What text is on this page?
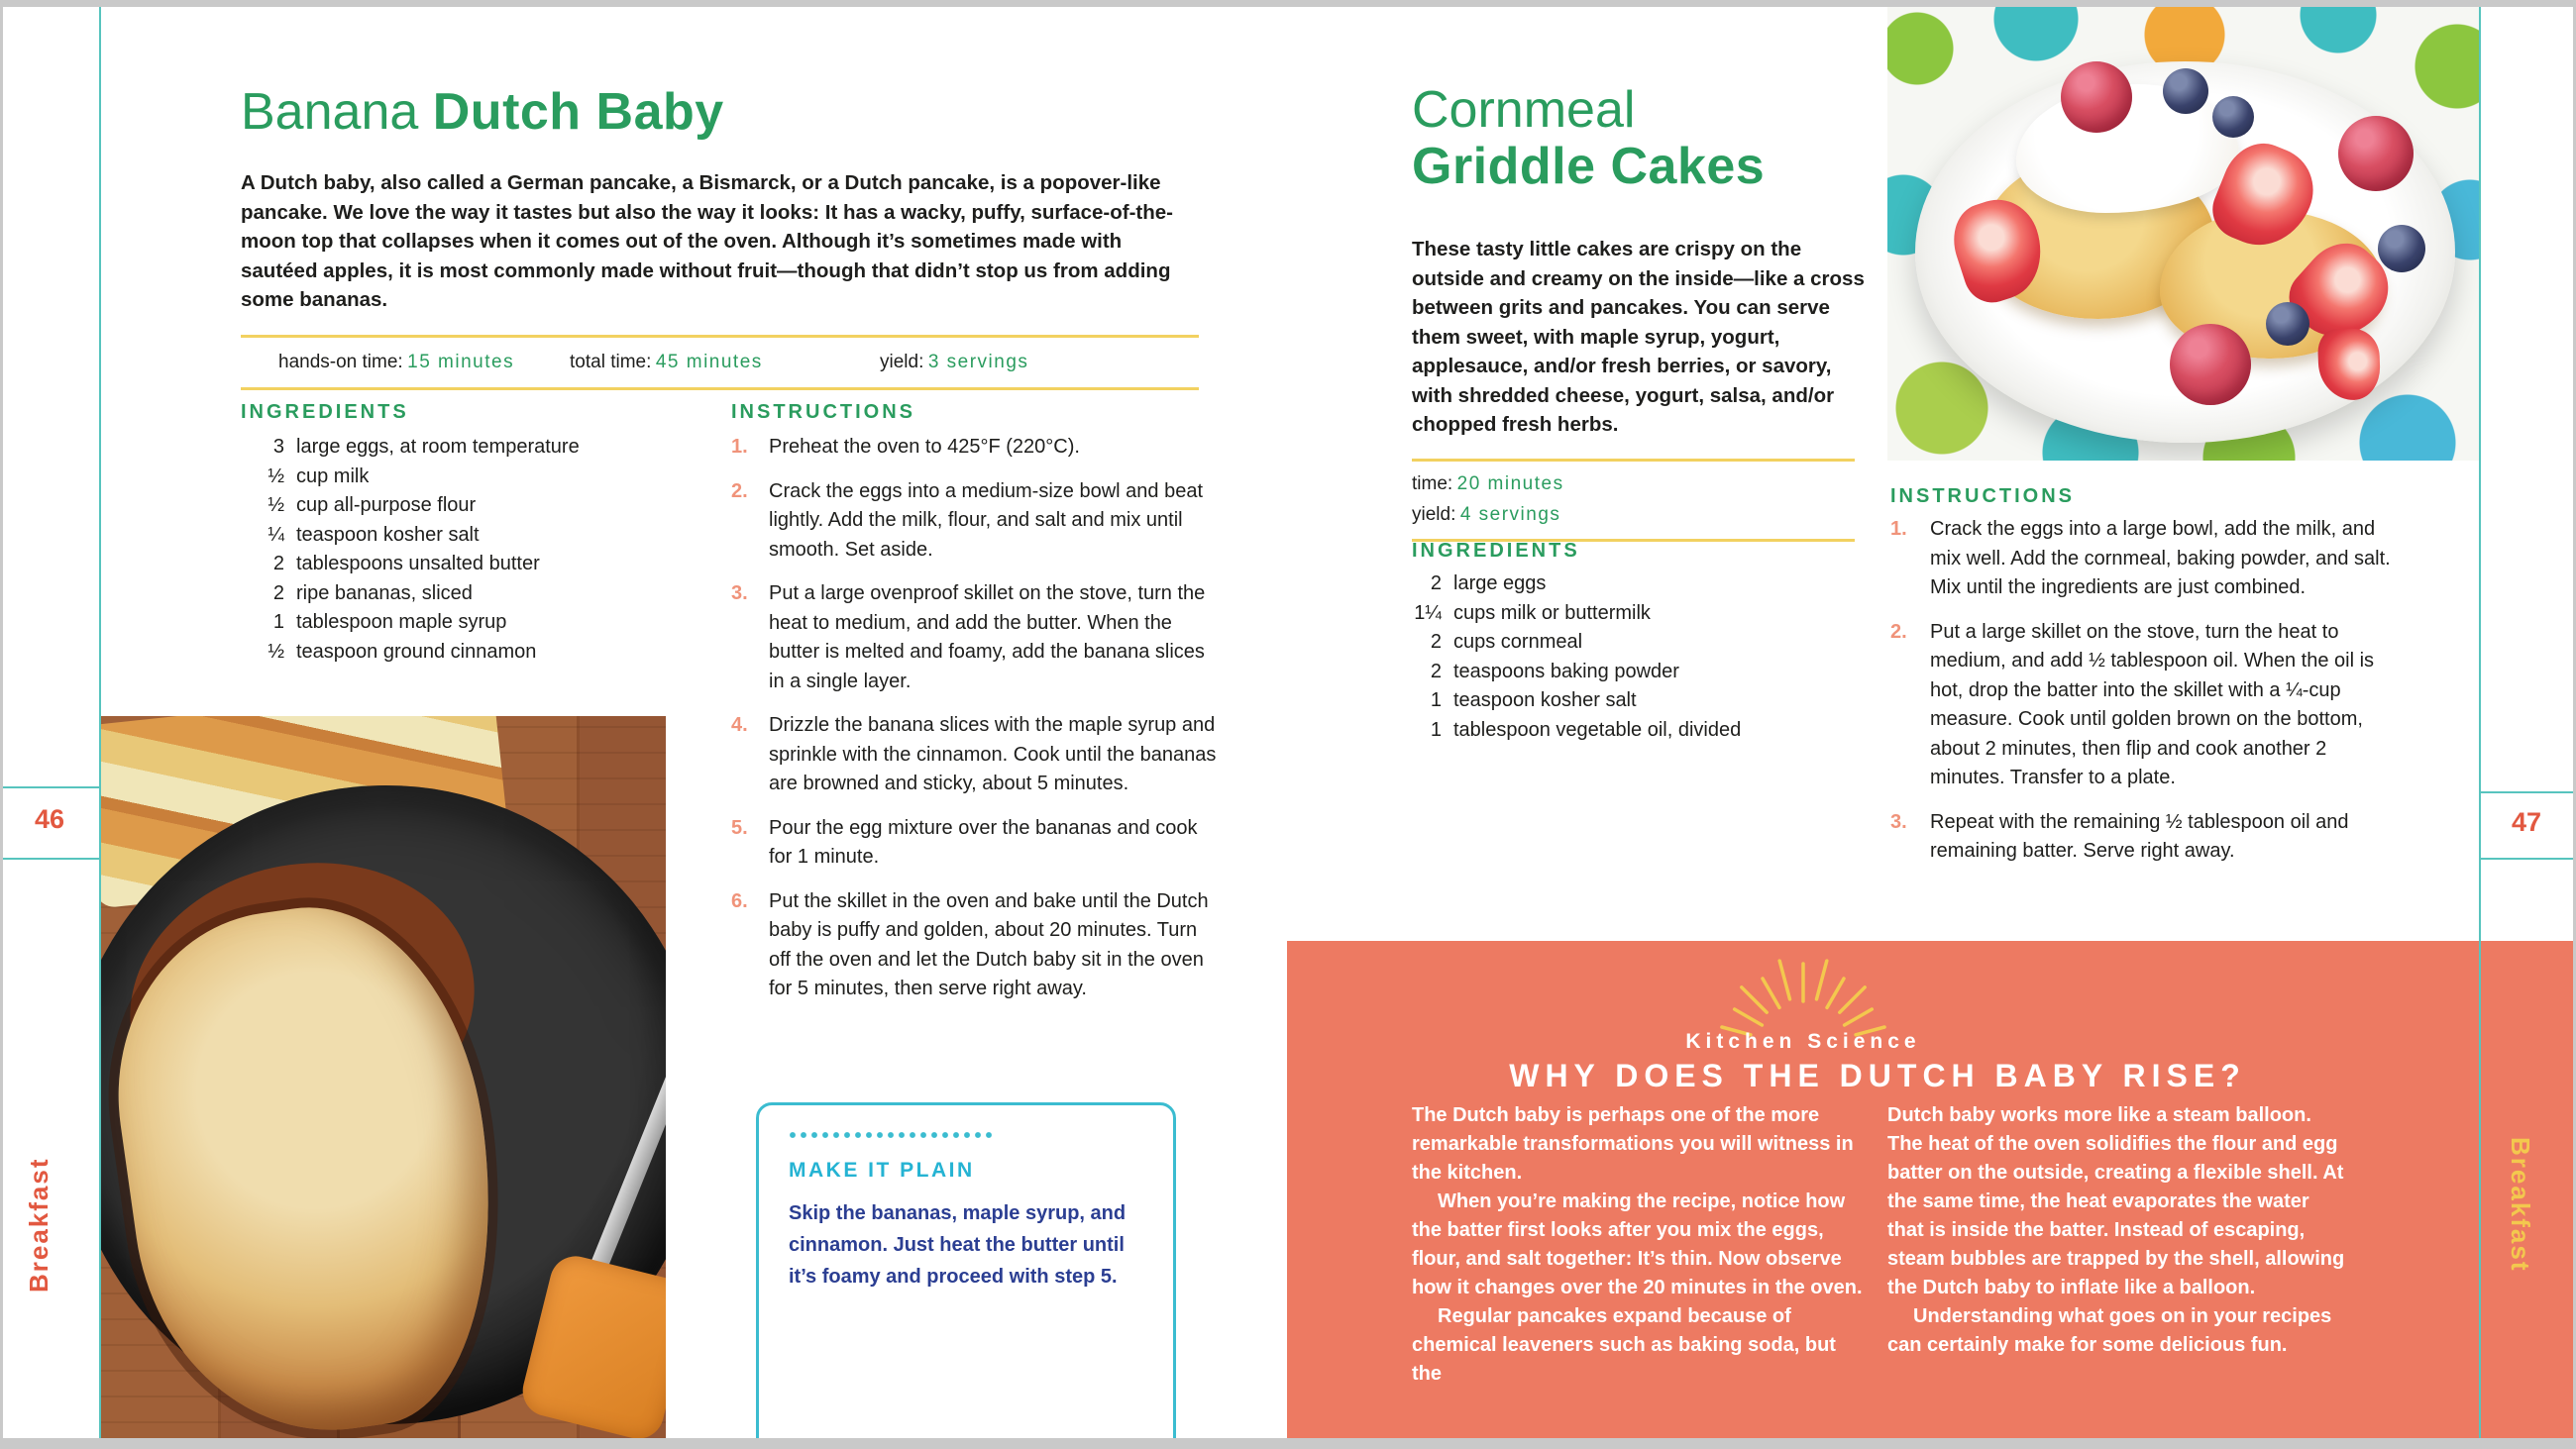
46
Breakfast
Banana Dutch Baby

A Dutch baby, also called a German pancake, a Bismarck, or a Dutch pancake, is a popover-like pancake. We love the way it tastes but also the way it looks: It has a wacky, puffy, surface-of-the-moon top that collapses when it comes out of the oven. Although it’s sometimes made with sautéed apples, it is most commonly made without fruit—though that didn’t stop us from adding some bananas.

hands-on time: 15 minutes	total time: 45 minutes	yield: 3 servings
INGREDIENTS
3 large eggs, at room temperature
½ cup milk
½ cup all-purpose flour
¼ teaspoon kosher salt
2 tablespoons unsalted butter
2 ripe bananas, sliced
1 tablespoon maple syrup
½ teaspoon ground cinnamon
INSTRUCTIONS
1.	Preheat the oven to 425°F (220°C).
2.	Crack the eggs into a medium-size bowl and beat lightly. Add the milk, flour, and salt and mix until smooth. Set aside.
3.	Put a large ovenproof skillet on the stove, turn the heat to medium, and add the butter. When the butter is melted and foamy, add the banana slices in a single layer.
4.	Drizzle the banana slices with the maple syrup and sprinkle with the cinnamon. Cook until the bananas are browned and sticky, about 5 minutes.
5.	Pour the egg mixture over the bananas and cook for 1 minute.
6.	Put the skillet in the oven and bake until the Dutch baby is puffy and golden, about 20 minutes. Turn off the oven and let the Dutch baby sit in the oven for 5 minutes, then serve right away.
MAKE IT PLAIN
Skip the bananas, maple syrup, and cinnamon. Just heat the butter until it’s foamy and proceed with step 5.
Cornmeal
Griddle Cakes

These tasty little cakes are crispy on the outside and creamy on the inside—like a cross between grits and pancakes. You can serve them sweet, with maple syrup, yogurt, applesauce, and/or fresh berries, or savory, with shredded cheese, yogurt, salsa, and/or chopped fresh herbs.

time: 20 minutes
yield: 4 servings
INGREDIENTS
2 large eggs
1¼ cups milk or buttermilk
2 cups cornmeal
2 teaspoons baking powder
1 teaspoon kosher salt
1 tablespoon vegetable oil, divided
INSTRUCTIONS
1.	Crack the eggs into a large bowl, add the milk, and mix well. Add the cornmeal, baking powder, and salt. Mix until the ingredients are just combined.
2.	Put a large skillet on the stove, turn the heat to medium, and add ½ tablespoon oil. When the oil is hot, drop the batter into the skillet with a ¼-cup measure. Cook until golden brown on the bottom, about 2 minutes, then flip and cook another 2 minutes. Transfer to a plate.
3.	Repeat with the remaining ½ tablespoon oil and remaining batter. Serve right away.
Kitchen Science
WHY DOES THE DUTCH BABY RISE?

The Dutch baby is perhaps one of the more remarkable transformations you will witness in the kitchen.

When you’re making the recipe, notice how the batter first looks after you mix the eggs, flour, and salt together: It’s thin. Now observe how it changes over the 20 minutes in the oven.

Regular pancakes expand because of chemical leaveners such as baking soda, but the

Dutch baby works more like a steam balloon. The heat of the oven solidifies the flour and egg batter on the outside, creating a flexible shell. At the same time, the heat evaporates the water that is inside the batter. Instead of escaping, steam bubbles are trapped by the shell, allowing the Dutch baby to inflate like a balloon.

Understanding what goes on in your recipes can certainly make for some delicious fun.

47
Breakfast
